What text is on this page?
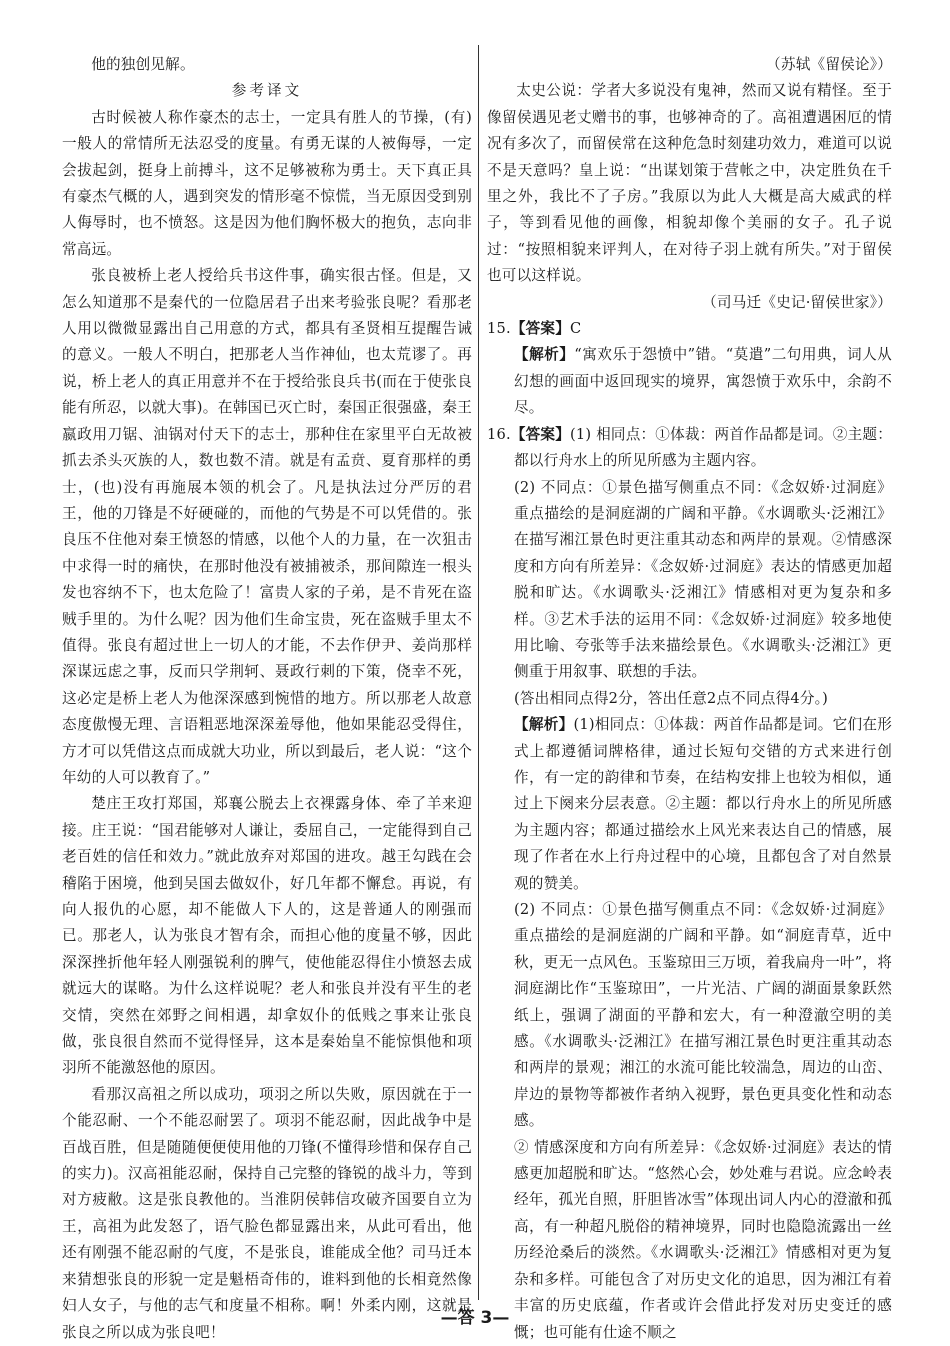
他的独创见解。

参考译文

古时候被人称作豪杰的志士，一定具有胜人的节操，(有)一般人的常情所无法忍受的度量。有勇无谋的人被侮辱，一定会拔起剑，挺身上前搏斗，这不足够被称为勇士。天下真正具有豪杰气概的人，遇到突发的情形毫不惊慌，当无原因受到别人侮辱时，也不愤怒。这是因为他们胸怀极大的抱负，志向非常高远。

张良被桥上老人授给兵书这件事，确实很古怪。但是，又怎么知道那不是秦代的一位隐居君子出来考验张良呢？看那老人用以微微显露出自己用意的方式，都具有圣贤相互提醒告诫的意义。一般人不明白，把那老人当作神仙，也太荒谬了。再说，桥上老人的真正用意并不在于授给张良兵书(而在于使张良能有所忍，以就大事)。在韩国已灭亡时，秦国正很强盛，秦王嬴政用刀锯、油锅对付天下的志士，那种住在家里平白无故被抓去杀头灭族的人，数也数不清。就是有孟贲、夏育那样的勇士，(也)没有再施展本领的机会了。凡是执法过分严厉的君王，他的刀锋是不好硬碰的，而他的气势是不可以凭借的。张良压不住他对秦王愤怒的情感，以他个人的力量，在一次狙击中求得一时的痛快，在那时他没有被捕被杀，那间隙连一根头发也容纳不下，也太危险了！富贵人家的子弟，是不肯死在盗贼手里的。为什么呢？因为他们生命宝贵，死在盗贼手里太不值得。张良有超过世上一切人的才能，不去作伊尹、姜尚那样深谋远虑之事，反而只学荆轲、聂政行刺的下策，侥幸不死，这必定是桥上老人为他深深感到惋惜的地方。所以那老人故意态度傲慢无理、言语粗恶地深深羞辱他，他如果能忍受得住，方才可以凭借这点而成就大功业，所以到最后，老人说：“这个年幼的人可以教育了。”

楚庄王攻打郑国，郑襄公脱去上衣裸露身体、牵了羊来迎接。庄王说：“国君能够对人谦让，委屈自己，一定能得到自己老百姓的信任和效力。”就此放弃对郑国的进攻。越王勾践在会稽陷于困境，他到吴国去做奴仆，好几年都不懈怠。再说，有向人报仇的心愿，却不能做人下人的，这是普通人的刚强而已。那老人，认为张良才智有余，而担心他的度量不够，因此深深挫折他年轻人刚强锐利的脾气，使他能忍得住小愤怒去成就远大的谋略。为什么这样说呢？老人和张良并没有平生的老交情，突然在郊野之间相遇，却拿奴仆的低贱之事来让张良做，张良很自然而不觉得怪异，这本是秦始皇不能惊惧他和项羽所不能激怒他的原因。

看那汉高祖之所以成功，项羽之所以失败，原因就在于一个能忍耐、一个不能忍耐罢了。项羽不能忍耐，因此战争中是百战百胜，但是随随便便使用他的刀锋(不懂得珍惜和保存自己的实力)。汉高祖能忍耐，保持自己完整的锋锐的战斗力，等到对方疲敝。这是张良教他的。当淮阴侯韩信攻破齐国要自立为王，高祖为此发怒了，语气脸色都显露出来，从此可看出，他还有刚强不能忍耐的气度，不是张良，谁能成全他？司马迁本来猜想张良的形貌一定是魁梧奇伟的，谁料到他的长相竟然像妇人女子，与他的志气和度量不相称。啊！外柔内刚，这就是张良之所以成为张良吧！

（苏轼《留侯论》）

太史公说：学者大多说没有鬼神，然而又说有精怪。至于像留侯遇见老丈赠书的事，也够神奇的了。高祖遭遇困厄的情况有多次了，而留侯常在这种危急时刻建功效力，难道可以说不是天意吗？皇上说：“出谋划策于营帐之中，决定胜负在千里之外，我比不了子房。”我原以为此人大概是高大威武的样子，等到看见他的画像，相貌却像个美丽的女子。孔子说过：“按照相貌来评判人，在对待子羽上就有所失。”对于留侯也可以这样说。

（司马迁《史记·留侯世家》）

15.【答案】C

【解析】“寓欢乐于怨愤中”错。“莫遣”二句用典，词人从幻想的画面中返回现实的境界，寓怨愤于欢乐中，余韵不尽。

16.【答案】(1) 相同点：①体裁：两首作品都是词。②主题：都以行舟水上的所见所感为主题内容。

(2) 不同点：①景色描写侧重点不同：《念奴娇·过洞庭》重点描绘的是洞庭湖的广阔和平静。《水调歌头·泛湘江》在描写湘江景色时更注重其动态和两岸的景观。②情感深度和方向有所差异：《念奴娇·过洞庭》表达的情感更加超脱和旷达。《水调歌头·泛湘江》情感相对更为复杂和多样。③艺术手法的运用不同：《念奴娇·过洞庭》较多地使用比喻、夸张等手法来描绘景色。《水调歌头·泛湘江》更侧重于用叙事、联想的手法。

(答出相同点得2分，答出任意2点不同点得4分。)

【解析】(1)相同点：①体裁：两首作品都是词。它们在形式上都遵循词牌格律，通过长短句交错的方式来进行创作，有一定的韵律和节奏，在结构安排上也较为相似，通过上下阕来分层表意。②主题：都以行舟水上的所见所感为主题内容；都通过描绘水上风光来表达自己的情感，展现了作者在水上行舟过程中的心境，且都包含了对自然景观的赞美。

(2) 不同点：①景色描写侧重点不同：《念奴娇·过洞庭》重点描绘的是洞庭湖的广阔和平静。如“洞庭青草，近中秋，更无一点风色。玉鉴琼田三万顷，着我扁舟一叶”，将洞庭湖比作“玉鉴琼田”，一片光洁、广阔的湖面景象跃然纸上，强调了湖面的平静和宏大，有一种澄澈空明的美感。《水调歌头·泛湘江》在描写湘江景色时更注重其动态和两岸的景观；湘江的水流可能比较湍急，周边的山峦、岸边的景物等都被作者纳入视野，景色更具变化性和动态感。

② 情感深度和方向有所差异：《念奴娇·过洞庭》表达的情感更加超脱和旷达。“悠然心会，妙处难与君说。应念岭表经年，孤光自照，肝胆皆冰雪”体现出词人内心的澄澈和孤高，有一种超凡脱俗的精神境界，同时也隐隐流露出一丝历经沧桑后的淡然。《水调歌头·泛湘江》情感相对更为复杂和多样。可能包含了对历史文化的追思，因为湘江有着丰富的历史底蕴，作者或许会借此抒发对历史变迁的感慨；也可能有仕途不顺之

—答 3—
